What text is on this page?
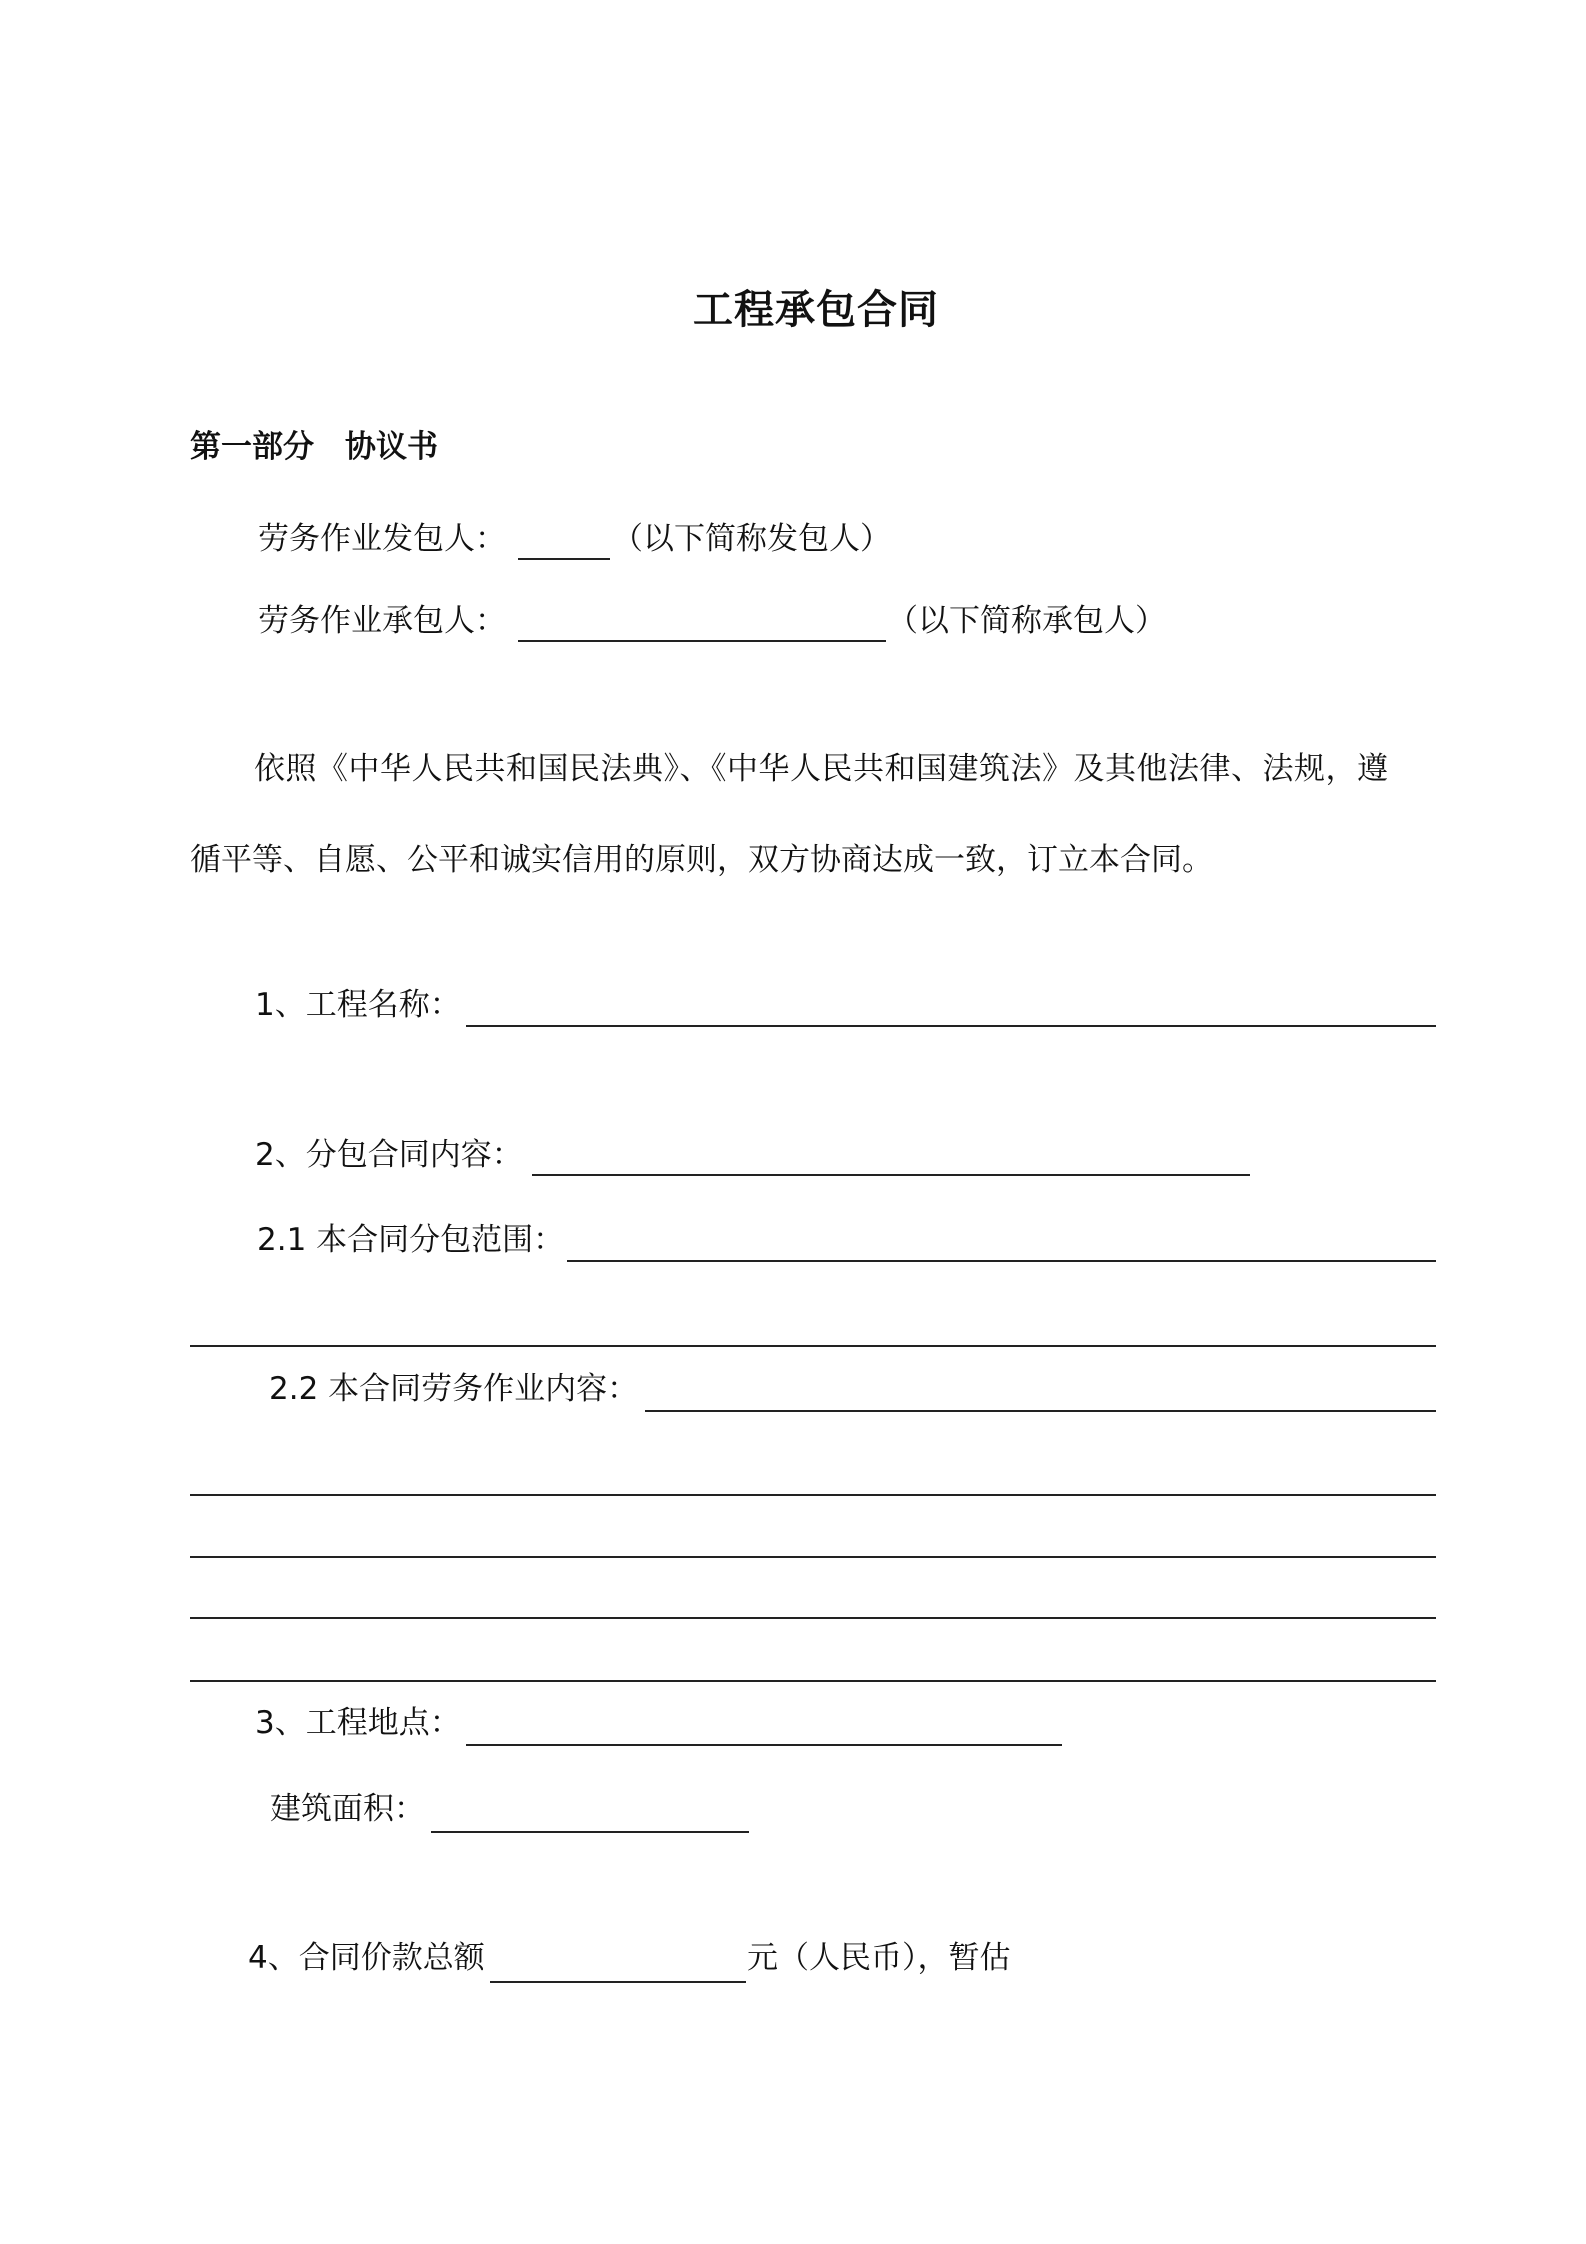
工程承包合同
第一部分 协议书
劳务作业发包人：	（以下简称发包人）
劳务作业承包人：	（以下简称承包人）
依照《中华人民共和国民法典》、《中华人民共和国建筑法》及其他法律、法规，遵
循平等、自愿、公平和诚实信用的原则，双方协商达成一致，订立本合同。
1、工程名称：
2、分包合同内容：
2.1 本合同分包范围：
2.2 本合同劳务作业内容：
3、工程地点：
建筑面积：
4、合同价款总额	元（人民币），暂估
